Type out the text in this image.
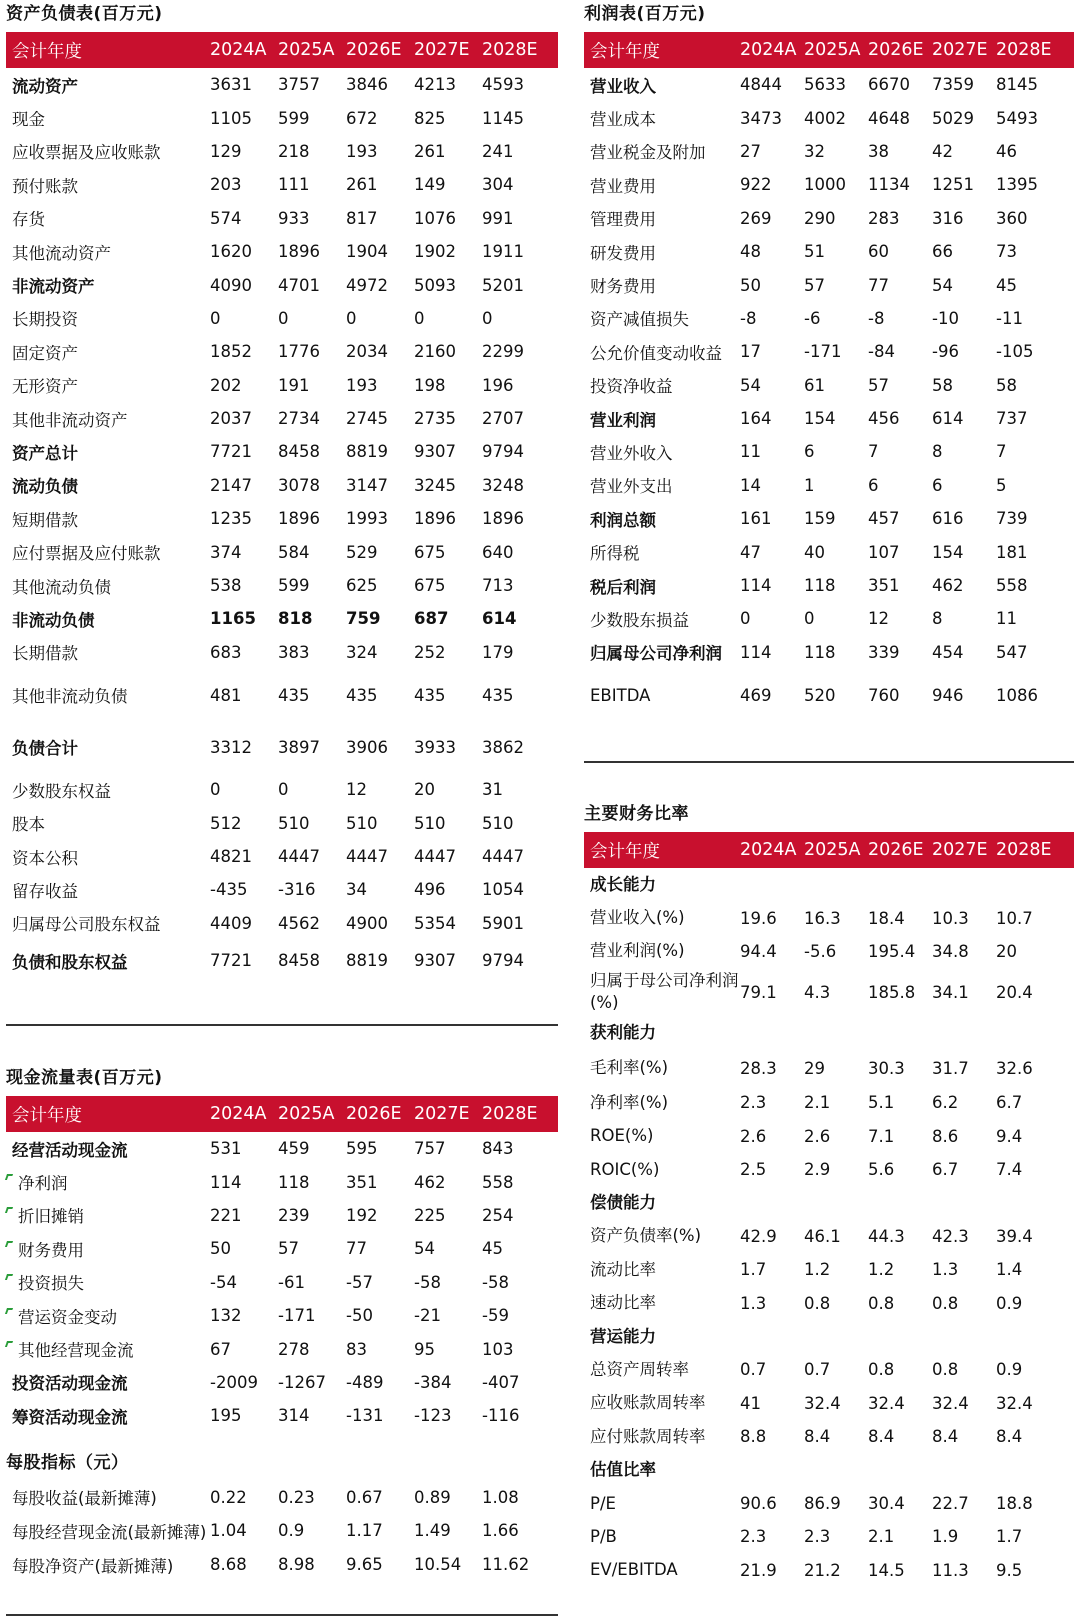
资产负债表(百万元)
会计年度	2024A 2025A 2026E 2027E 2028E
流动资产	3631	3757	3846	4213	4593
现金	1105	599	672	825	1145
应收票据及应收账款	129	218	193	261	241
预付账款	203	111	261	149	304
存货	574	933	817	1076	991
其他流动资产	1620	1896	1904	1902	1911
非流动资产	4090	4701	4972	5093	5201
长期投资	0	0	0	0	0
固定资产	1852	1776	2034	2160	2299
无形资产	202	191	193	198	196
其他非流动资产	2037	2734	2745	2735	2707
资产总计	7721	8458	8819	9307	9794
流动负债	2147	3078	3147	3245	3248
短期借款	1235	1896	1993	1896	1896
应付票据及应付账款	374	584	529	675	640
其他流动负债	538	599	625	675	713
非流动负债	1165	818	759	687	614
长期借款	683	383	324	252	179
其他非流动负债	481	435	435	435	435
负债合计	3312	3897	3906	3933	3862
少数股东权益	0	0	12	20	31
股本	512	510	510	510	510
资本公积	4821	4447	4447	4447	4447
留存收益	-435	-316	34	496	1054
归属母公司股东权益	4409	4562	4900	5354	5901
负债和股东权益	7721	8458	8819	9307	9794
现金流量表(百万元)
会计年度	2024A 2025A 2026E 2027E 2028E
经营活动现金流	531	459	595	757	843
净利润	114	118	351	462	558
折旧摊销	221	239	192	225	254
财务费用	50	57	77	54	45
投资损失	-54	-61	-57	-58	-58
营运资金变动	132	-171	-50	-21	-59
其他经营现金流	67	278	83	95	103
投资活动现金流	-2009	-1267	-489	-384	-407
筹资活动现金流	195	314	-131	-123	-116
每股指标（元）
每股收益(最新摊薄)	0.22	0.23	0.67	0.89	1.08
每股经营现金流(最新摊薄) 1.04	0.9	1.17	1.49	1.66
每股净资产(最新摊薄)	8.68	8.98	9.65	10.54	11.62
利润表(百万元)
会计年度	2024A 2025A 2026E 2027E 2028E
营业收入	4844	5633	6670	7359	8145
营业成本	3473	4002	4648	5029	5493
营业税金及附加	27	32	38	42	46
营业费用	922	1000	1134	1251	1395
管理费用	269	290	283	316	360
研发费用	48	51	60	66	73
财务费用	50	57	77	54	45
资产减值损失	-8	-6	-8	-10	-11
公允价值变动收益	17	-171	-84	-96	-105
投资净收益	54	61	57	58	58
营业利润	164	154	456	614	737
营业外收入	11	6	7	8	7
营业外支出	14	1	6	6	5
利润总额	161	159	457	616	739
所得税	47	40	107	154	181
税后利润	114	118	351	462	558
少数股东损益	0	0	12	8	11
归属母公司净利润	114	118	339	454	547
EBITDA	469	520	760	946	1086
主要财务比率
会计年度	2024A 2025A 2026E 2027E 2028E
成长能力
营业收入(%)	19.6	16.3	18.4	10.3	10.7
营业利润(%)	94.4	-5.6	195.4	34.8	20
归属于母公司净利润(%)
79.1	4.3	185.8	34.1	20.4
获利能力
毛利率(%)	28.3	29	30.3	31.7	32.6
净利率(%)	2.3	2.1	5.1	6.2	6.7
ROE(%)	2.6	2.6	7.1	8.6	9.4
ROIC(%)	2.5	2.9	5.6	6.7	7.4
偿债能力
资产负债率(%)	42.9	46.1	44.3	42.3	39.4
流动比率	1.7	1.2	1.2	1.3	1.4
速动比率	1.3	0.8	0.8	0.8	0.9
营运能力
总资产周转率	0.7	0.7	0.8	0.8	0.9
应收账款周转率	41	32.4	32.4	32.4	32.4
应付账款周转率	8.8	8.4	8.4	8.4	8.4
估值比率
P/E	90.6	86.9	30.4	22.7	18.8
P/B	2.3	2.3	2.1	1.9	1.7
EV/EBITDA	21.9	21.2	14.5	11.3	9.5
